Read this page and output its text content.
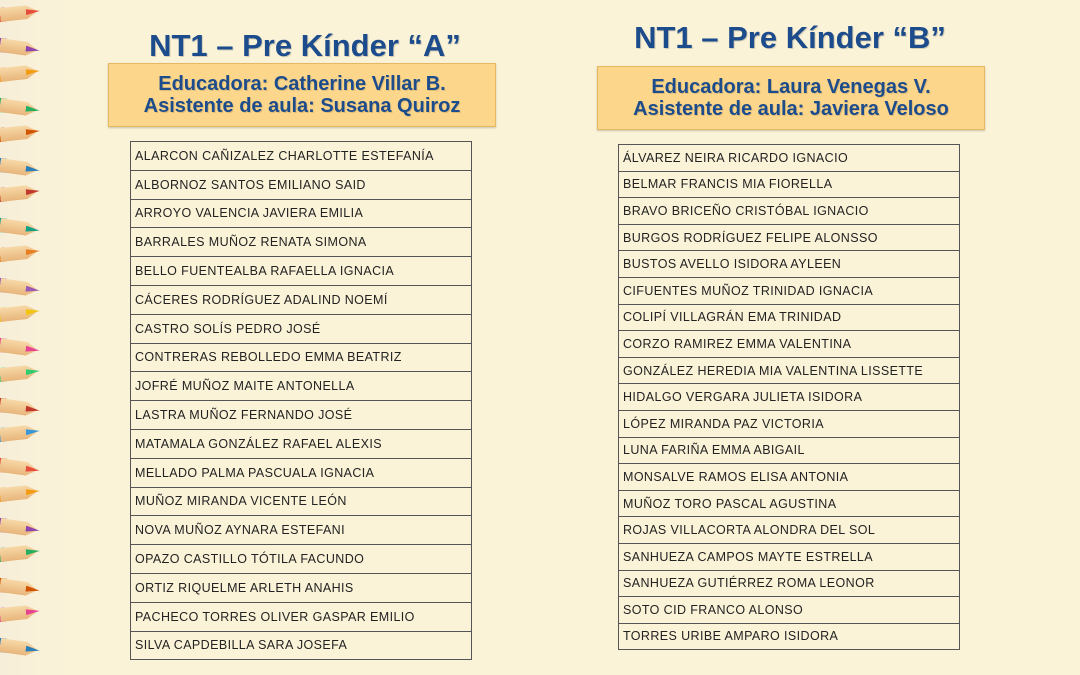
NT1 – Pre Kínder “A”
Educadora: Catherine Villar B.
Asistente de aula: Susana Quiroz
ALARCON CAÑIZALEZ CHARLOTTE ESTEFANÍA
ALBORNOZ SANTOS EMILIANO SAID
ARROYO VALENCIA JAVIERA EMILIA
BARRALES MUÑOZ RENATA SIMONA
BELLO FUENTEALBA RAFAELLA IGNACIA
CÁCERES RODRÍGUEZ ADALIND NOEMÍ
CASTRO SOLÍS PEDRO JOSÉ
CONTRERAS REBOLLEDO EMMA BEATRIZ
JOFRÉ MUÑOZ MAITE ANTONELLA
LASTRA MUÑOZ FERNANDO JOSÉ
MATAMALA GONZÁLEZ RAFAEL ALEXIS
MELLADO PALMA PASCUALA IGNACIA
MUÑOZ MIRANDA VICENTE LEÓN
NOVA MUÑOZ AYNARA ESTEFANI
OPAZO CASTILLO TÓTILA FACUNDO
ORTIZ RIQUELME ARLETH ANAHIS
PACHECO TORRES OLIVER GASPAR EMILIO
SILVA CAPDEBILLA SARA JOSEFA
NT1 – Pre Kínder “B”
Educadora: Laura Venegas V.
Asistente de aula: Javiera Veloso
ÁLVAREZ NEIRA RICARDO IGNACIO
BELMAR FRANCIS MIA FIORELLA
BRAVO BRICEÑO CRISTÓBAL IGNACIO
BURGOS RODRÍGUEZ FELIPE ALONSSO
BUSTOS AVELLO ISIDORA AYLEEN
CIFUENTES MUÑOZ TRINIDAD IGNACIA
COLIPÍ VILLAGRÁN EMA TRINIDAD
CORZO RAMIREZ EMMA VALENTINA
GONZÁLEZ HEREDIA MIA VALENTINA LISSETTE
HIDALGO VERGARA JULIETA ISIDORA
LÓPEZ MIRANDA PAZ VICTORIA
LUNA FARIÑA EMMA ABIGAIL
MONSALVE RAMOS ELISA ANTONIA
MUÑOZ TORO PASCAL AGUSTINA
ROJAS VILLACORTA ALONDRA DEL SOL
SANHUEZA CAMPOS MAYTE ESTRELLA
SANHUEZA GUTIÉRREZ ROMA LEONOR
SOTO CID FRANCO ALONSO
TORRES URIBE AMPARO ISIDORA
